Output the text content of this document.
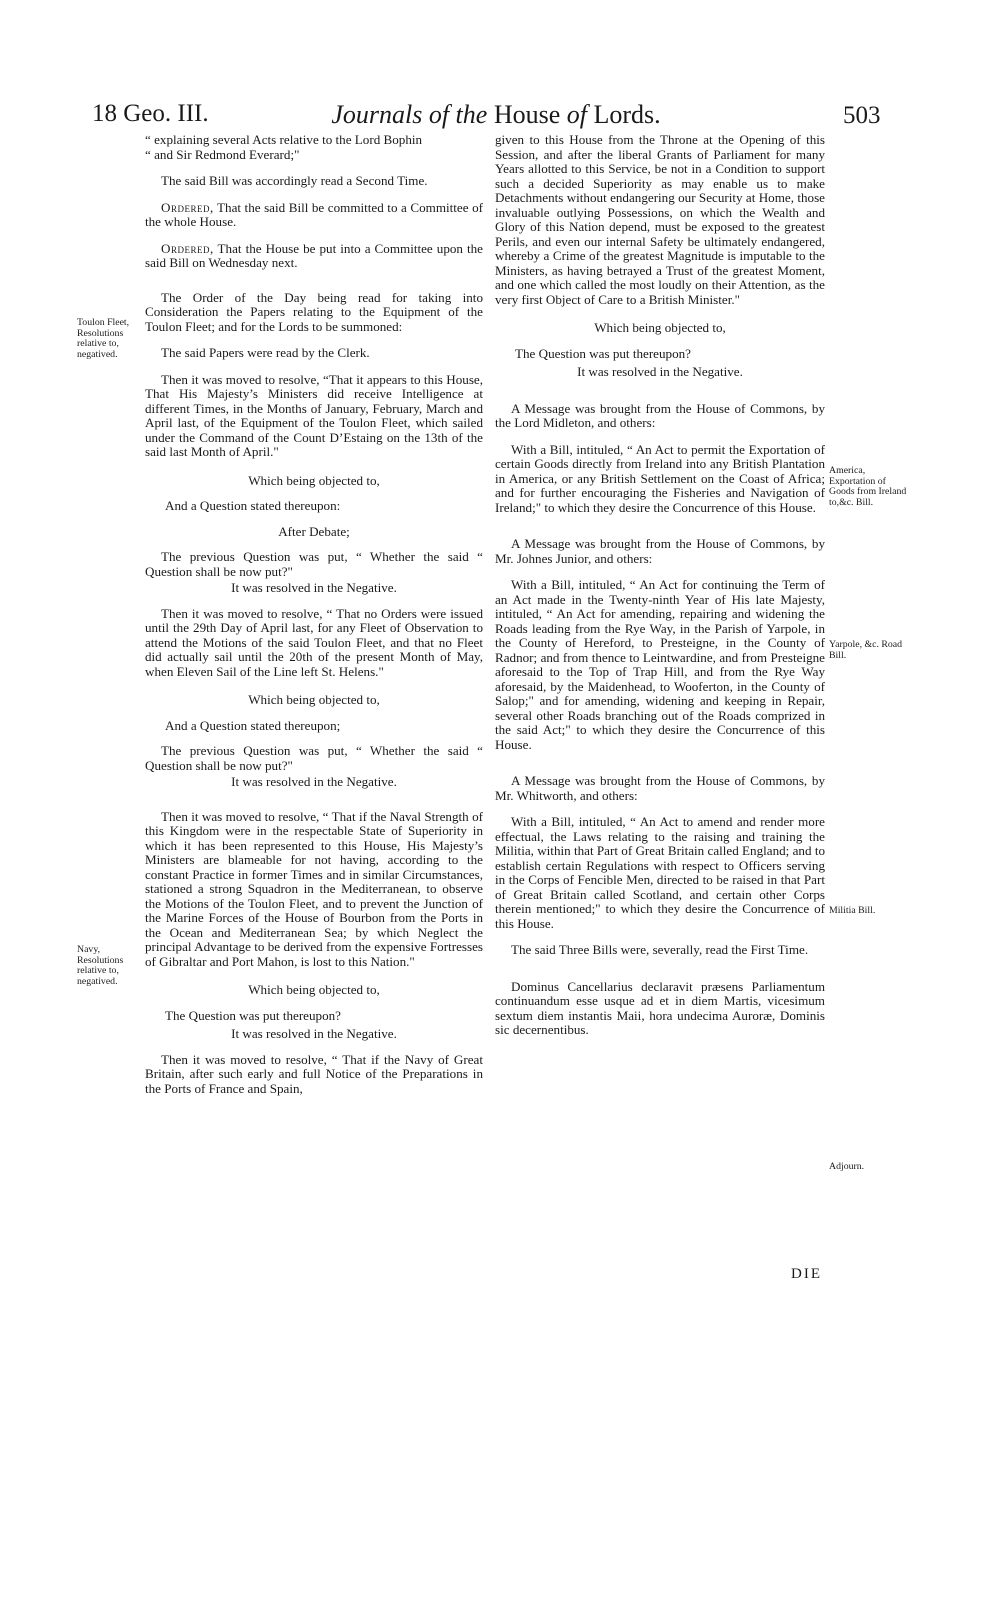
18 Geo. III.	Journals of the House of Lords.	503
Toulon Fleet, Resolutions relative to, negatived.
Navy, Resolutions relative to, negatived.
America, Exportation of Goods from Ireland to,&c. Bill.
Yarpole, &c. Road Bill.
Militia Bill.
Adjourn.

“ explaining several Acts relative to the Lord Bophin

“ and Sir Redmond Everard;"

The said Bill was accordingly read a Second Time.
Ordered, That the said Bill be committed to a Committee of the whole House.
Ordered, That the House be put into a Committee upon the said Bill on Wednesday next.
The Order of the Day being read for taking into Consideration the Papers relating to the Equipment of the Toulon Fleet; and for the Lords to be summoned:
The said Papers were read by the Clerk.
Then it was moved to resolve, “That it appears to this House, That His Majesty’s Ministers did receive Intelligence at different Times, in the Months of January, February, March and April last, of the Equipment of the Toulon Fleet, which sailed under the Command of the Count D’Estaing on the 13th of the said last Month of April."
Which being objected to,
And a Question stated thereupon:
After Debate;
The previous Question was put, “ Whether the said “ Question shall be now put?"
It was resolved in the Negative.
Then it was moved to resolve, “ That no Orders were issued until the 29th Day of April last, for any Fleet of Observation to attend the Motions of the said Toulon Fleet, and that no Fleet did actually sail until the 20th of the present Month of May, when Eleven Sail of the Line left St. Helens."
Which being objected to,
And a Question stated thereupon;
The previous Question was put, “ Whether the said “ Question shall be now put?"
It was resolved in the Negative.
Then it was moved to resolve, “ That if the Naval Strength of this Kingdom were in the respectable State of Superiority in which it has been represented to this House, His Majesty’s Ministers are blameable for not having, according to the constant Practice in former Times and in similar Circumstances, stationed a strong Squadron in the Mediterranean, to observe the Motions of the Toulon Fleet, and to prevent the Junction of the Marine Forces of the House of Bourbon from the Ports in the Ocean and Mediterranean Sea; by which Neglect the principal Advantage to be derived from the expensive Fortresses of Gibraltar and Port Mahon, is lost to this Nation."
Which being objected to,
The Question was put thereupon?
It was resolved in the Negative.
Then it was moved to resolve, “ That if the Navy of Great Britain, after such early and full Notice of the Preparations in the Ports of France and Spain,
given to this House from the Throne at the Opening of this Session, and after the liberal Grants of Parliament for many Years allotted to this Service, be not in a Condition to support such a decided Superiority as may enable us to make Detachments without endangering our Security at Home, those invaluable outlying Possessions, on which the Wealth and Glory of this Nation depend, must be exposed to the greatest Perils, and even our internal Safety be ultimately endangered, whereby a Crime of the greatest Magnitude is imputable to the Ministers, as having betrayed a Trust of the greatest Moment, and one which called the most loudly on their Attention, as the very first Object of Care to a British Minister."
Which being objected to,
The Question was put thereupon?
It was resolved in the Negative.
A Message was brought from the House of Commons, by the Lord Midleton, and others:
With a Bill, intituled, “ An Act to permit the Exportation of certain Goods directly from Ireland into any British Plantation in America, or any British Settlement on the Coast of Africa; and for further encouraging the Fisheries and Navigation of Ireland;" to which they desire the Concurrence of this House.
A Message was brought from the House of Commons, by Mr. Johnes Junior, and others:
With a Bill, intituled, “ An Act for continuing the Term of an Act made in the Twenty-ninth Year of His late Majesty, intituled, “ An Act for amending, repairing and widening the Roads leading from the Rye Way, in the Parish of Yarpole, in the County of Hereford, to Presteigne, in the County of Radnor; and from thence to Leintwardine, and from Presteigne aforesaid to the Top of Trap Hill, and from the Rye Way aforesaid, by the Maidenhead, to Wooferton, in the County of Salop;" and for amending, widening and keeping in Repair, several other Roads branching out of the Roads comprized in the said Act;" to which they desire the Concurrence of this House.
A Message was brought from the House of Commons, by Mr. Whitworth, and others:
With a Bill, intituled, “ An Act to amend and render more effectual, the Laws relating to the raising and training the Militia, within that Part of Great Britain called England; and to establish certain Regulations with respect to Officers serving in the Corps of Fencible Men, directed to be raised in that Part of Great Britain called Scotland, and certain other Corps therein mentioned;" to which they desire the Concurrence of this House.
The said Three Bills were, severally, read the First Time.
Dominus Cancellarius declaravit præsens Parliamentum continuandum esse usque ad et in diem Martis, vicesimum sextum diem instantis Maii, hora undecima Auroræ, Dominis sic decernentibus.
DIE
